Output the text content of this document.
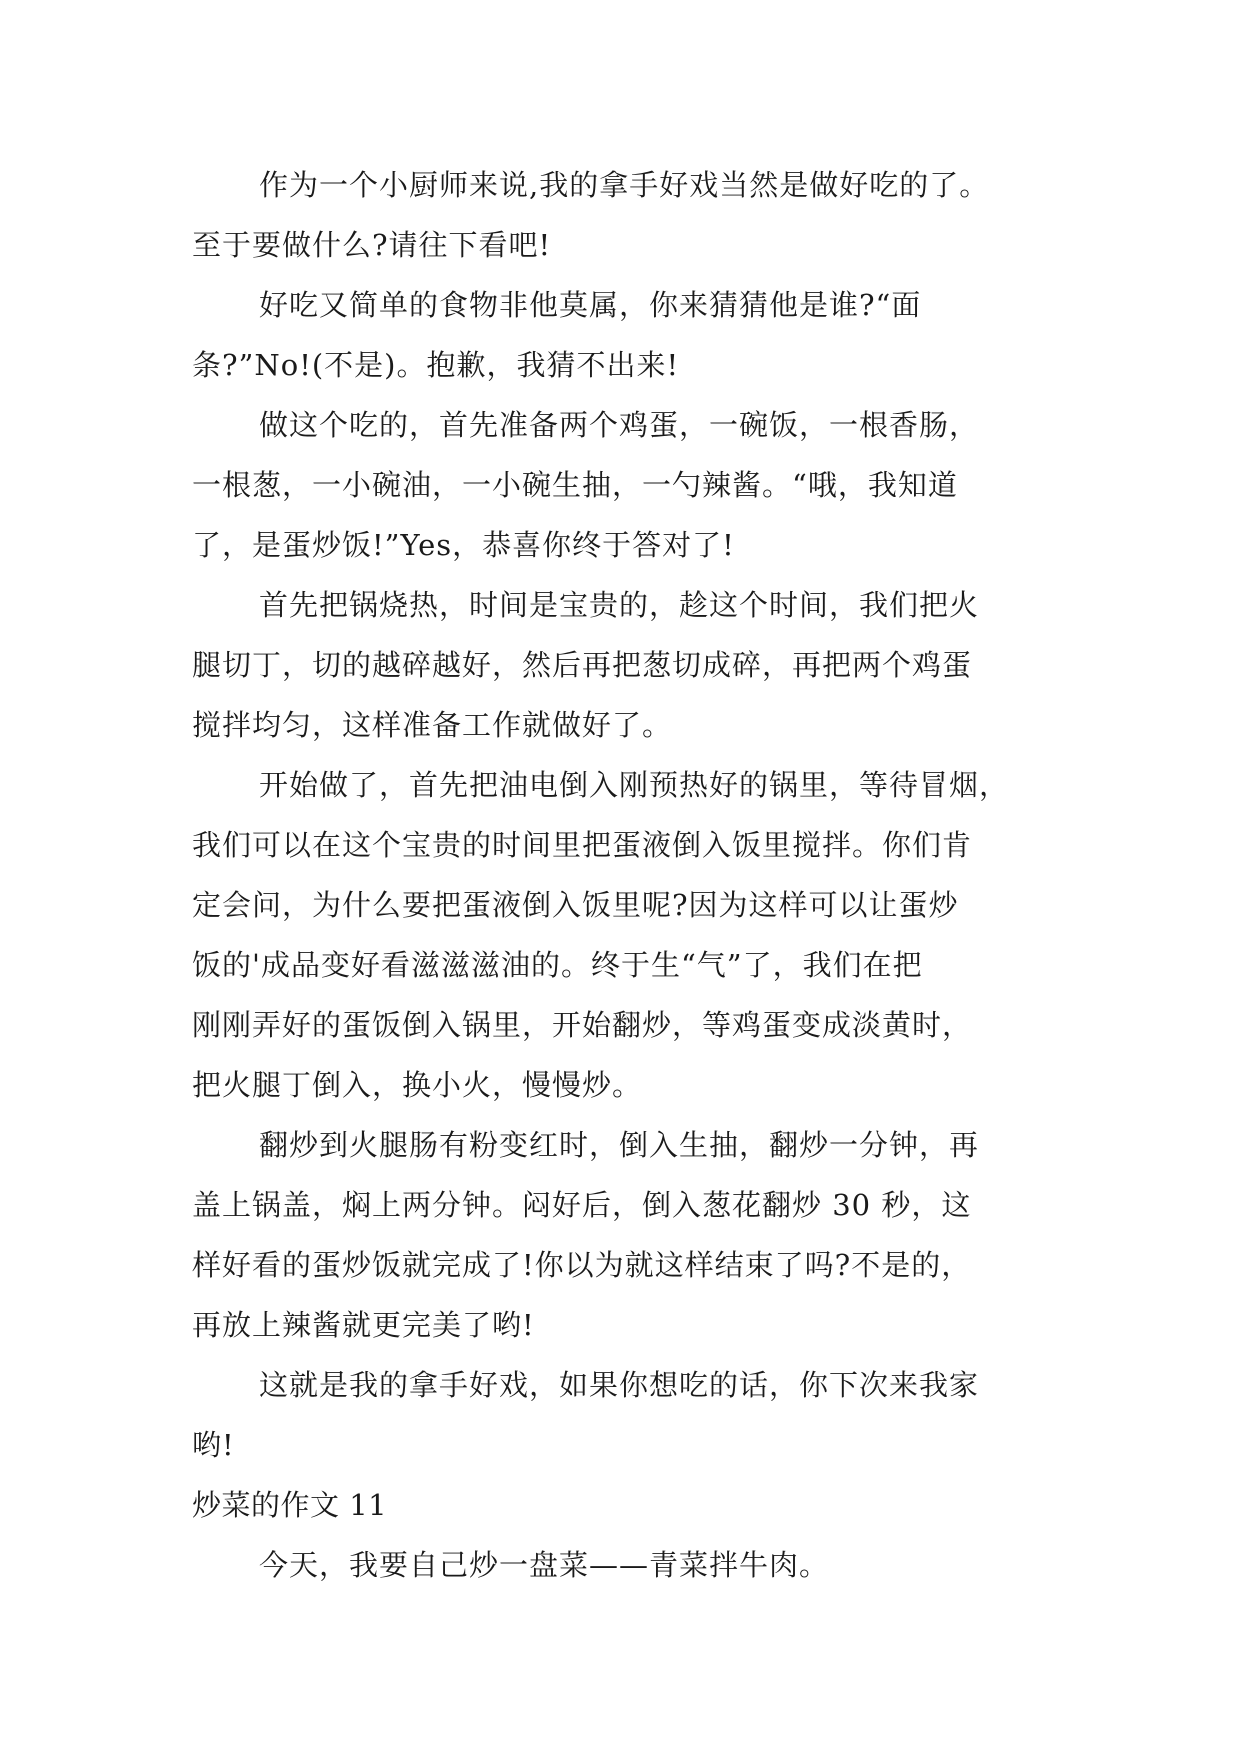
作为一个小厨师来说,我的拿手好戏当然是做好吃的了。
至于要做什么?请往下看吧!
好吃又简单的食物非他莫属，你来猜猜他是谁?“面
条?”No!(不是)。抱歉，我猜不出来!
做这个吃的，首先准备两个鸡蛋，一碗饭，一根香肠，
一根葱，一小碗油，一小碗生抽，一勺辣酱。“哦，我知道
了，是蛋炒饭!”Yes，恭喜你终于答对了!
首先把锅烧热，时间是宝贵的，趁这个时间，我们把火
腿切丁，切的越碎越好，然后再把葱切成碎，再把两个鸡蛋
搅拌均匀，这样准备工作就做好了。
开始做了，首先把油电倒入刚预热好的锅里，等待冒烟，
我们可以在这个宝贵的时间里把蛋液倒入饭里搅拌。你们肯
定会问，为什么要把蛋液倒入饭里呢?因为这样可以让蛋炒
饭的'成品变好看滋滋滋油的。终于生“气”了，我们在把
刚刚弄好的蛋饭倒入锅里，开始翻炒，等鸡蛋变成淡黄时，
把火腿丁倒入，换小火，慢慢炒。
翻炒到火腿肠有粉变红时，倒入生抽，翻炒一分钟，再
盖上锅盖，焖上两分钟。闷好后，倒入葱花翻炒 30 秒，这
样好看的蛋炒饭就完成了!你以为就这样结束了吗?不是的，
再放上辣酱就更完美了哟!
这就是我的拿手好戏，如果你想吃的话，你下次来我家
哟!
炒菜的作文 11
今天，我要自己炒一盘菜——青菜拌牛肉。
